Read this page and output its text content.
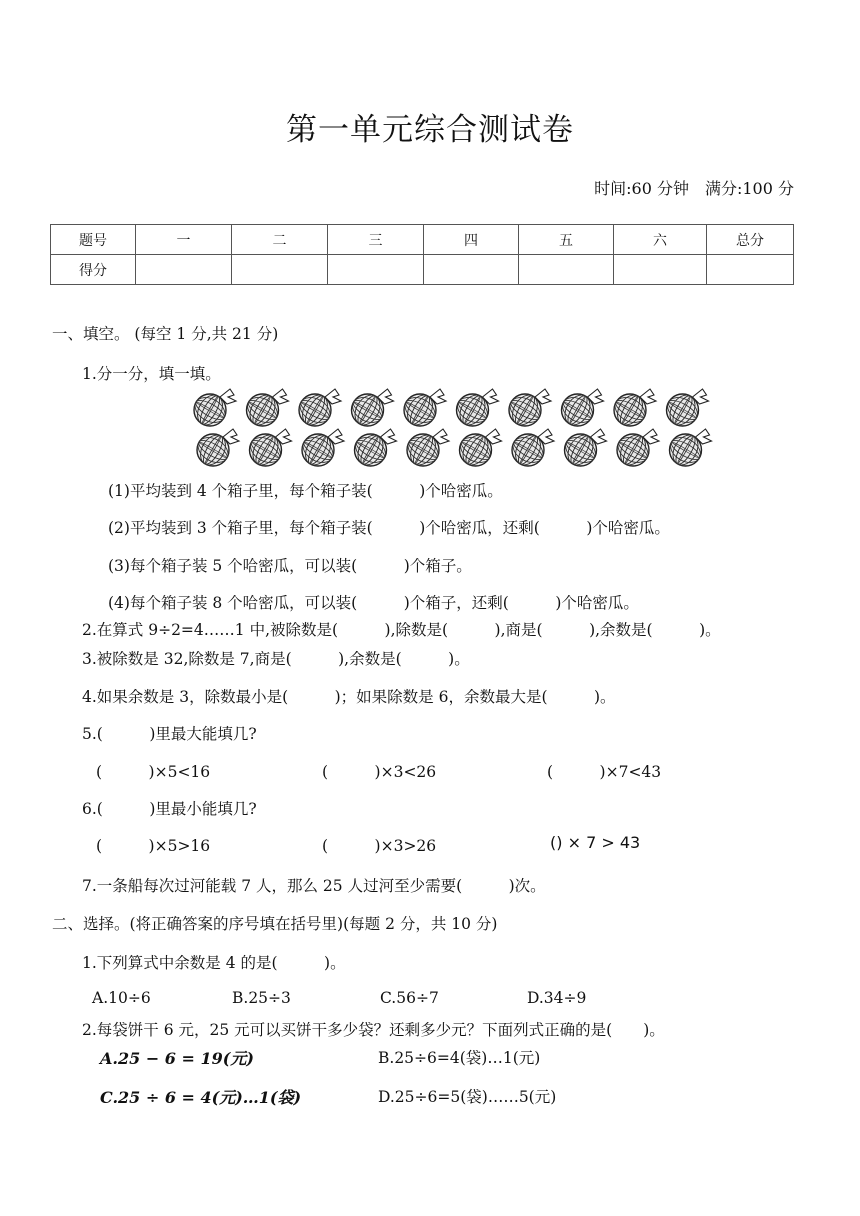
第一单元综合测试卷
时间:60 分钟　满分:100 分
题号	一	二	三	四	五	六	总分
得分							
一、填空。 (每空 1 分,共 21 分)
1.分一分，填一填。
(1)平均装到 4 个箱子里，每个箱子装(　　　)个哈密瓜。
(2)平均装到 3 个箱子里，每个箱子装(　　　)个哈密瓜，还剩(　　　)个哈密瓜。
(3)每个箱子装 5 个哈密瓜，可以装(　　　)个箱子。
(4)每个箱子装 8 个哈密瓜，可以装(　　　)个箱子，还剩(　　　)个哈密瓜。
2.在算式 9÷2=4……1 中,被除数是(　　　),除数是(　　　),商是(　　　),余数是(　　　)。
3.被除数是 32,除数是 7,商是(　　　),余数是(　　　)。
4.如果余数是 3，除数最小是(　　　)；如果除数是 6，余数最大是(　　　)。
5.(　　　)里最大能填几?
(　　　)×5<16	(　　　)×3<26	(　　　)×7<43
6.(　　　)里最小能填几?
(　　　)×5>16	(　　　)×3>26	() × 7 > 43
7.一条船每次过河能载 7 人，那么 25 人过河至少需要(　　　)次。
二、选择。(将正确答案的序号填在括号里)(每题 2 分，共 10 分)
1.下列算式中余数是 4 的是(　　　)。
A.10÷6	B.25÷3	C.56÷7	D.34÷9
2.每袋饼干 6 元，25 元可以买饼干多少袋？还剩多少元？下面列式正确的是(　　)。
A.25 − 6 = 19(元)	B.25÷6=4(袋)…1(元)
C.25 ÷ 6 = 4(元)…1(袋)	D.25÷6=5(袋)……5(元)
